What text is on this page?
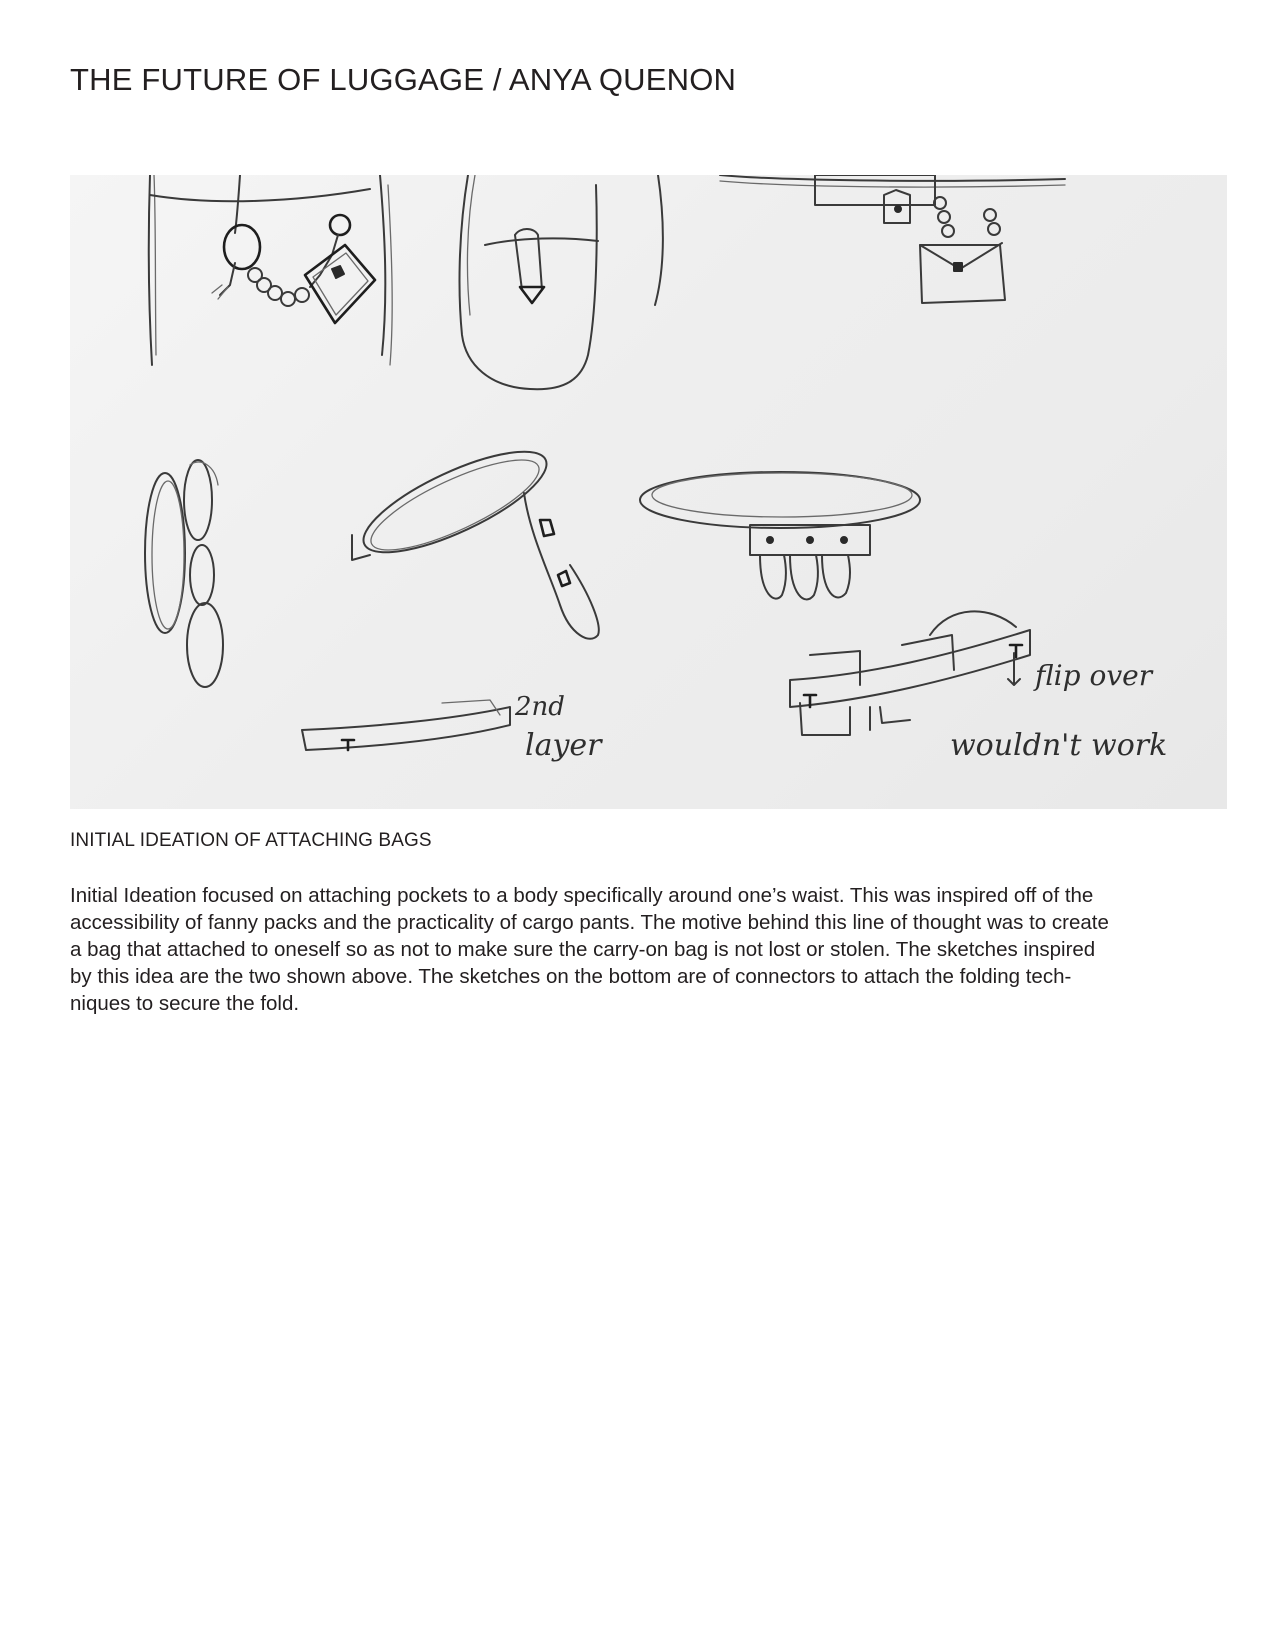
THE FUTURE OF LUGGAGE / ANYA QUENON
flip over
wouldn't work
2nd
layer

INITIAL IDEATION OF ATTACHING BAGS

Initial Ideation focused on attaching pockets to a body specifically around one’s waist. This was inspired off of the
accessibility of fanny packs and the practicality of cargo pants. The motive behind this line of thought was to create
a bag that attached to oneself so as not to make sure the carry-on bag is not lost or stolen. The sketches inspired
by this idea are the two shown above. The sketches on the bottom are of connectors to attach the folding tech-
niques to secure the fold.
